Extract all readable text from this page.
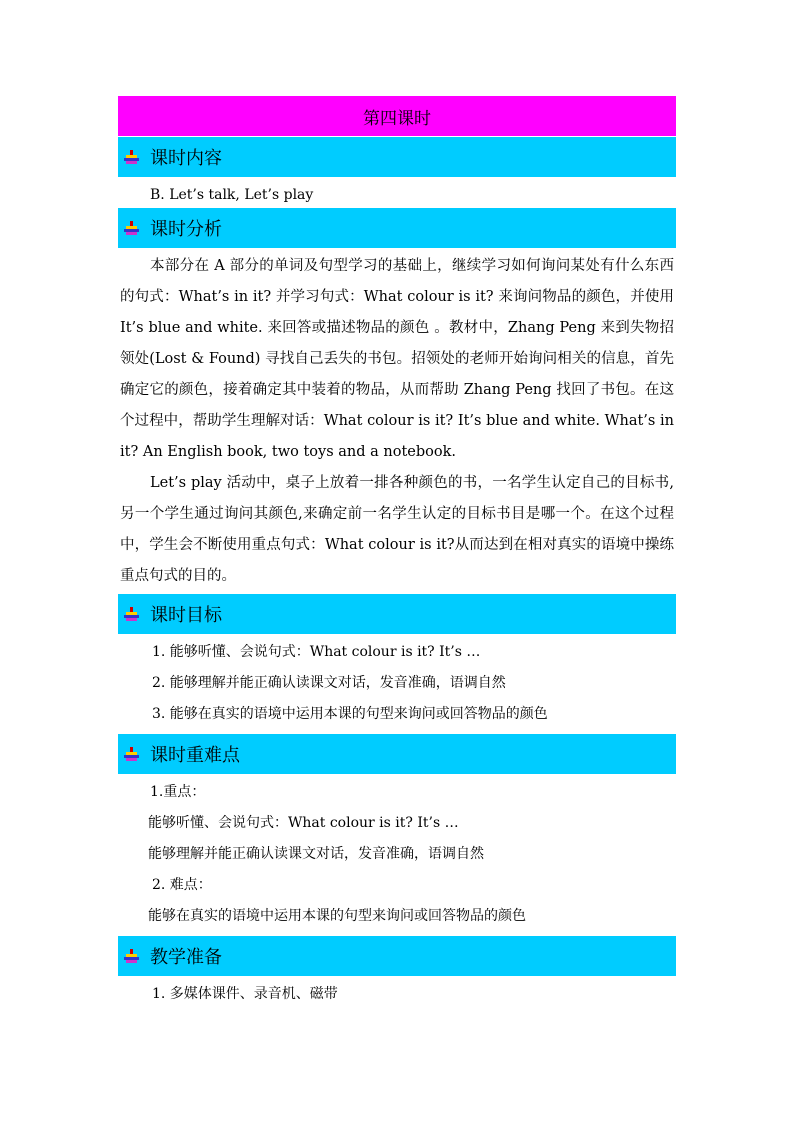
第四课时
课时内容
B. Let’s talk, Let’s play
课时分析

本部分在 A 部分的单词及句型学习的基础上，继续学习如何询问某处有什么东西的句式：What’s in it? 并学习句式：What colour is it? 来询问物品的颜色，并使用 It’s blue and white. 来回答或描述物品的颜色 。教材中，Zhang Peng 来到失物招领处(Lost & Found) 寻找自己丢失的书包。招领处的老师开始询问相关的信息，首先确定它的颜色，接着确定其中装着的物品，从而帮助 Zhang Peng 找回了书包。在这个过程中，帮助学生理解对话：What colour is it? It’s blue and white. What’s in it? An English book, two toys and a notebook.

Let’s play 活动中，桌子上放着一排各种颜色的书，一名学生认定自己的目标书,另一个学生通过询问其颜色,来确定前一名学生认定的目标书目是哪一个。在这个过程中，学生会不断使用重点句式：What colour is it?从而达到在相对真实的语境中操练重点句式的目的。

课时目标
1. 能够听懂、会说句式：What colour is it? It’s …
2. 能够理解并能正确认读课文对话，发音准确，语调自然
3. 能够在真实的语境中运用本课的句型来询问或回答物品的颜色
课时重难点
1.重点：
能够听懂、会说句式：What colour is it? It’s …
能够理解并能正确认读课文对话，发音准确，语调自然
2. 难点：
能够在真实的语境中运用本课的句型来询问或回答物品的颜色
教学准备
1. 多媒体课件、录音机、磁带
